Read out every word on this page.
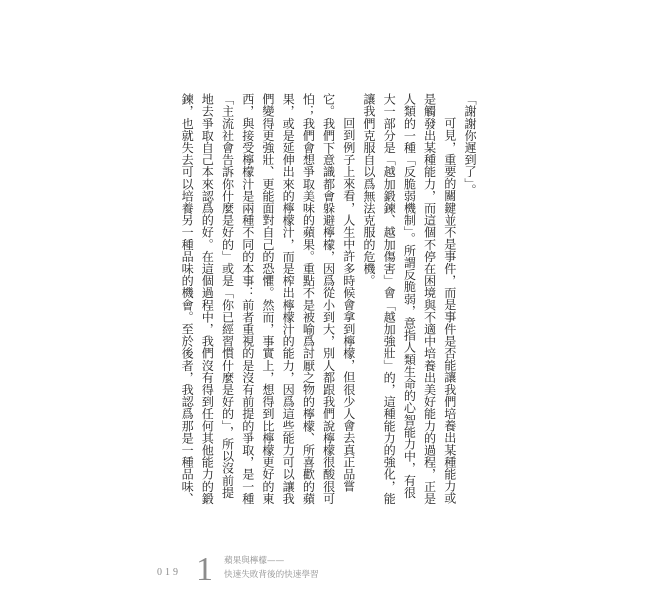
「謝謝你遲到了」。
可見，重要的關鍵並不是事件，而是事件是否能讓我們培養出某種能力或
是觸發出某種能力，而這個不停在困境與不適中培養出美好能力的過程，正是
人類的一種「反脆弱機制」。所謂反脆弱，意指人類生命的心智能力中，有很
大一部分是「越加鍛鍊、越加傷害」會「越加強壯」的，這種能力的強化，能
讓我們克服自以爲無法克服的危機。
回到例子上來看，人生中許多時候會拿到檸檬，但很少人會去真正品嘗
它。我們下意識都會躲避檸檬，因爲從小到大，別人都跟我們說檸檬很酸很可
怕；我們會想爭取美味的蘋果。重點不是被喻爲討厭之物的檸檬、所喜歡的蘋
果，或是延伸出來的檸檬汁，而是榨出檸檬汁的能力，因爲這些能力可以讓我
們變得更強壯、更能面對自己的恐懼。然而，事實上，想得到比檸檬更好的東
西，與接受檸檬汁是兩種不同的本事：前者重視的是沒有前提的爭取，是一種
「主流社會告訴你什麼是好的」或是「你已經習慣什麼是好的」，所以沒前提
地去爭取自己本來認爲的好。在這個過程中，我們沒有得到任何其他能力的鍛
鍊，也就失去可以培養另一種品味的機會。至於後者，我認爲那是一種品味、
019 1 蘋果與檸檬——
快速失敗背後的快速學習
